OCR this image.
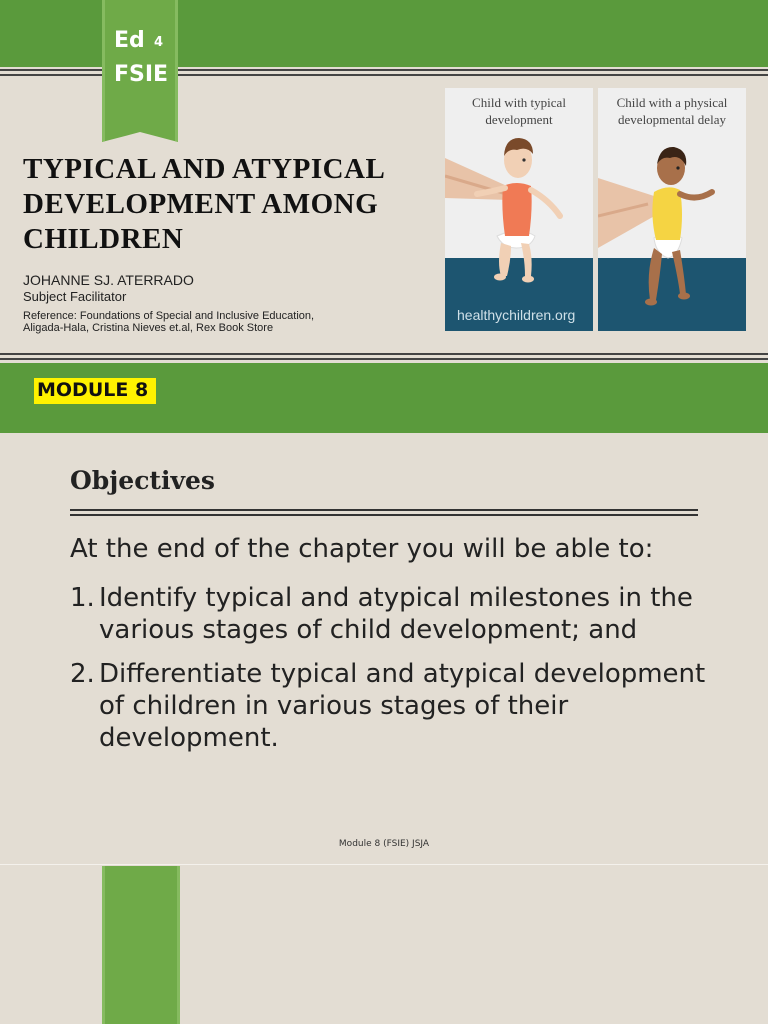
Ed 4
FSIE
TYPICAL AND ATYPICAL DEVELOPMENT AMONG CHILDREN
JOHANNE SJ. ATERRADO
Subject Facilitator
Reference: Foundations of Special and Inclusive Education,
Aligada-Hala, Cristina Nieves et.al, Rex Book Store
Child with typical development
healthychildren.org
Child with a physical developmental delay
MODULE 8
Objectives

At the end of the chapter you will be able to:

1. Identify typical and atypical milestones in the various stages of child development; and
2. Differentiate typical and atypical development of children in various stages of their development.
Module 8 (FSIE) JSJA
